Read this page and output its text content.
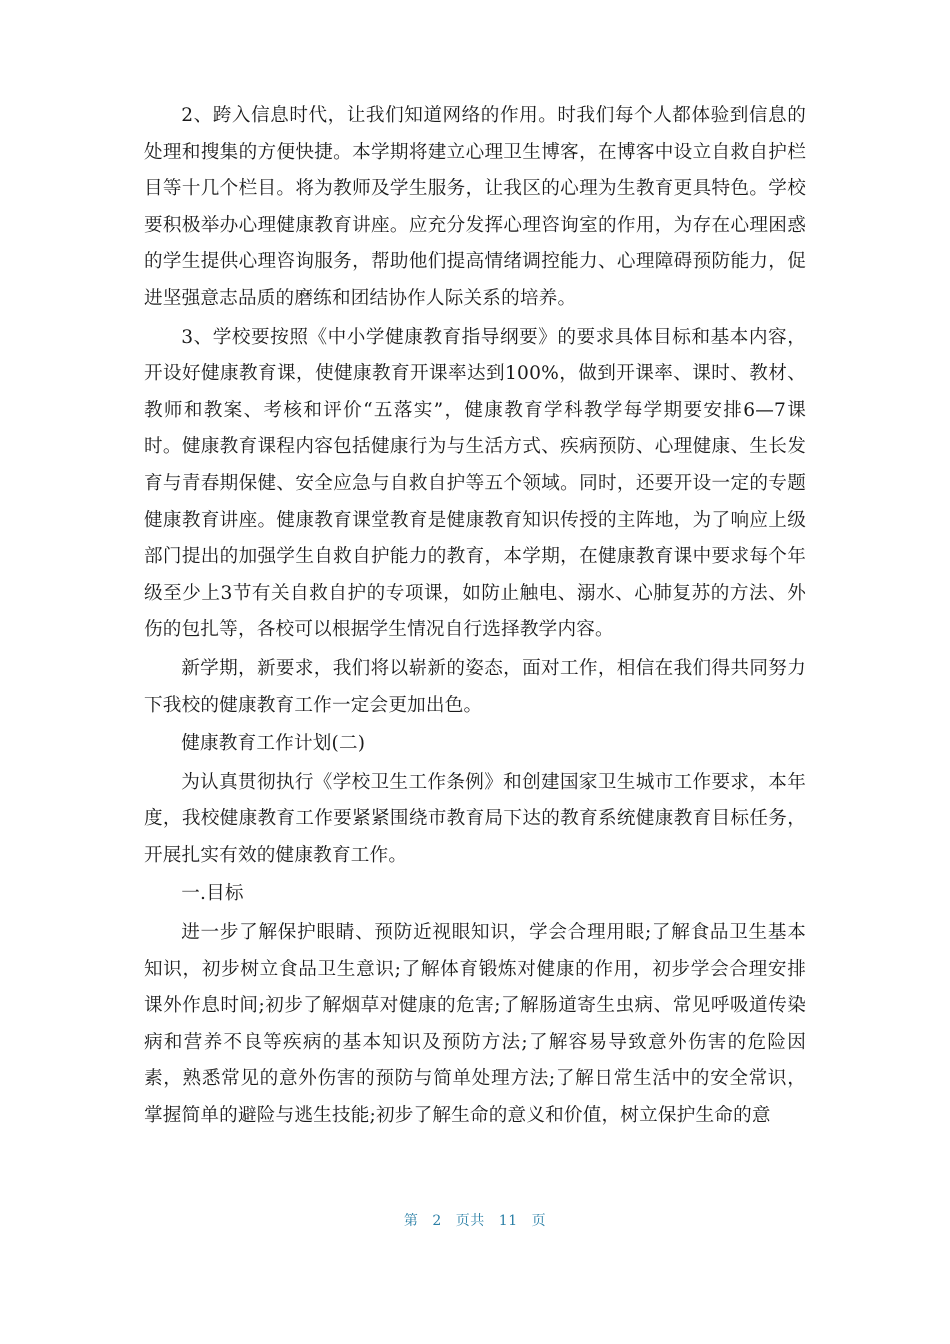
2、跨入信息时代，让我们知道网络的作用。时我们每个人都体验到信息的处理和搜集的方便快捷。本学期将建立心理卫生博客，在博客中设立自救自护栏目等十几个栏目。将为教师及学生服务，让我区的心理为生教育更具特色。学校要积极举办心理健康教育讲座。应充分发挥心理咨询室的作用，为存在心理困惑的学生提供心理咨询服务，帮助他们提高情绪调控能力、心理障碍预防能力，促进坚强意志品质的磨练和团结协作人际关系的培养。

3、学校要按照《中小学健康教育指导纲要》的要求具体目标和基本内容，开设好健康教育课，使健康教育开课率达到100%，做到开课率、课时、教材、教师和教案、考核和评价“五落实”，健康教育学科教学每学期要安排6—7课时。健康教育课程内容包括健康行为与生活方式、疾病预防、心理健康、生长发育与青春期保健、安全应急与自救自护等五个领域。同时，还要开设一定的专题健康教育讲座。健康教育课堂教育是健康教育知识传授的主阵地，为了响应上级部门提出的加强学生自救自护能力的教育，本学期，在健康教育课中要求每个年级至少上3节有关自救自护的专项课，如防止触电、溺水、心肺复苏的方法、外伤的包扎等，各校可以根据学生情况自行选择教学内容。

新学期，新要求，我们将以崭新的姿态，面对工作，相信在我们得共同努力下我校的健康教育工作一定会更加出色。

健康教育工作计划(二)

为认真贯彻执行《学校卫生工作条例》和创建国家卫生城市工作要求，本年度，我校健康教育工作要紧紧围绕市教育局下达的教育系统健康教育目标任务，开展扎实有效的健康教育工作。

一.目标

进一步了解保护眼睛、预防近视眼知识，学会合理用眼;了解食品卫生基本知识，初步树立食品卫生意识;了解体育锻炼对健康的作用，初步学会合理安排课外作息时间;初步了解烟草对健康的危害;了解肠道寄生虫病、常见呼吸道传染病和营养不良等疾病的基本知识及预防方法;了解容易导致意外伤害的危险因素，熟悉常见的意外伤害的预防与简单处理方法;了解日常生活中的安全常识，掌握简单的避险与逃生技能;初步了解生命的意义和价值，树立保护生命的意

第 2 页共 11 页
